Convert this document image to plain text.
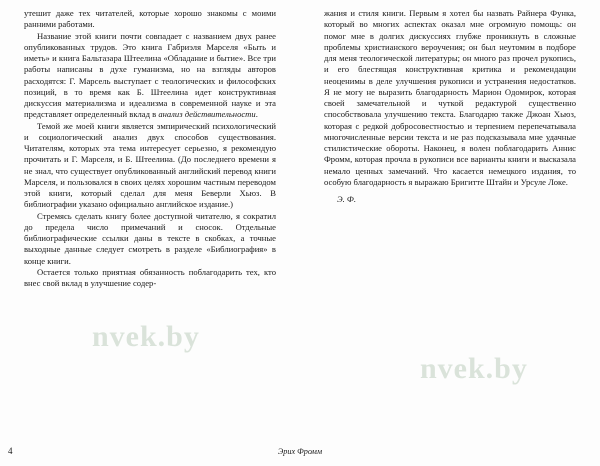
nvek.by
nvek.by

утешит даже тех читателей, которые хорошо знакомы с моими ранними работами.

Название этой книги почти совпадает с названием двух ранее опубликованных трудов. Это книга Габриэля Марселя «Быть и иметь» и книга Бальтазара Штеелина «Обладание и бытие». Все три работы написаны в духе гуманизма, но на взгляды авторов расходятся: Г. Марсель выступает с теологических и философских позиций, в то время как Б. Штеелина идет конструктивная дискуссия материализма и идеализма в современной науке и эта представляет определенный вклад в анализ действительности.

Темой же моей книги является эмпирический психологический и социологический анализ двух способов существования. Читателям, которых эта тема интересует серьезно, я рекомендую прочитать и Г. Марселя, и Б. Штеелина. (До последнего времени я не знал, что существует опубликованный английский перевод книги Марселя, и пользовался в своих целях хорошим частным переводом этой книги, который сделал для меня Беверли Хьюз. В библиографии указано официально английское издание.)

Стремясь сделать книгу более доступной читателю, я сократил до предела число примечаний и сносок. Отдельные библиографические ссылки даны в тексте в скобках, а точные выходные данные следует смотреть в разделе «Библиография» в конце книги.

Остается только приятная обязанность поблагодарить тех, кто внес свой вклад в улучшение содер-

жания и стиля книги. Первым я хотел бы назвать Райнера Функа, который во многих аспектах оказал мне огромную помощь: он помог мне в долгих дискуссиях глубже проникнуть в сложные проблемы христианского вероучения; он был неутомим в подборе для меня теологической литературы; он много раз прочел рукопись, и его блестящая конструктивная критика и рекомендации неоценимы в деле улучшения рукописи и устранения недостатков. Я не могу не выразить благодарность Марион Одомирок, которая своей замечательной и чуткой редактурой существенно способствовала улучшению текста. Благодарю также Джоан Хьюз, которая с редкой добросовестностью и терпением перепечатывала многочисленные версии текста и не раз подсказывала мне удачные стилистические обороты. Наконец, я волен поблагодарить Аннис Фромм, которая прочла в рукописи все варианты книги и высказала немало ценных замечаний. Что касается немецкого издания, то особую благодарность я выражаю Бригитте Штайн и Урсуле Локе.

Э. Ф.

4	Эрих Фромм
